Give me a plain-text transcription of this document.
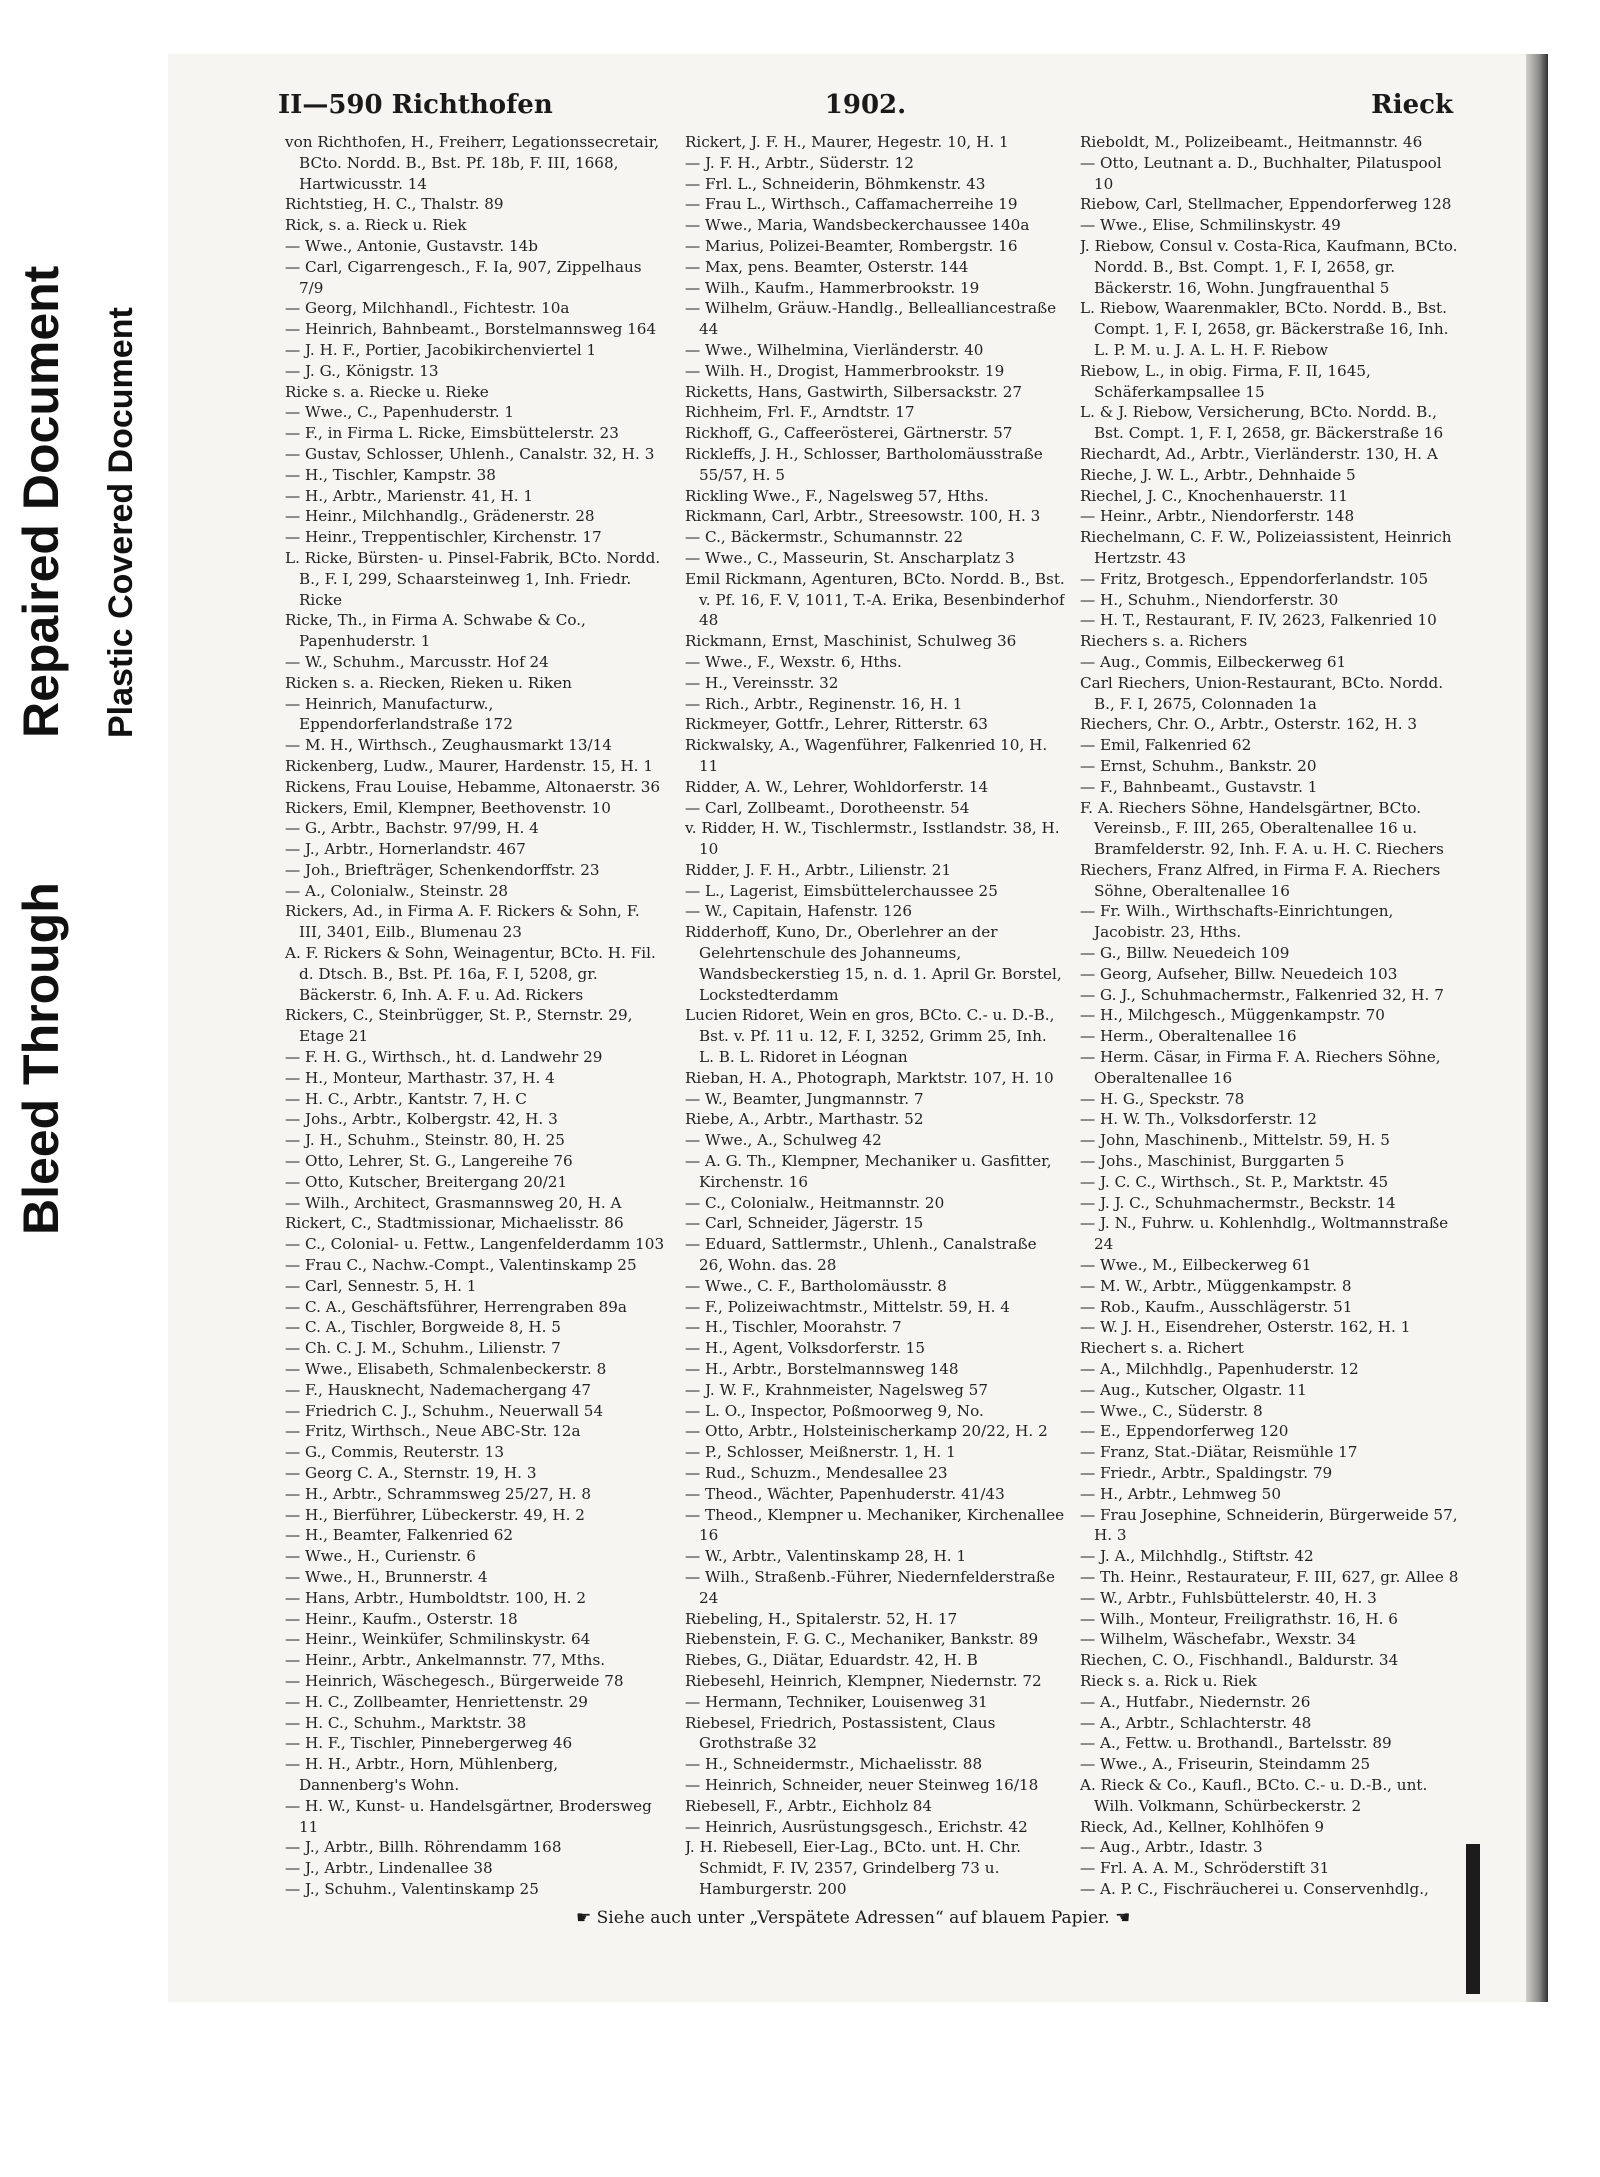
Bleed Through
Repaired Document Plastic Covered Document
II—590 Richthofen	1902.	Rieck

von Richthofen, H., Freiherr, Legationssecretair, BCto. Nordd. B., Bst. Pf. 18b, F. III, 1668, Hartwicusstr. 14

Richtstieg, H. C., Thalstr. 89

Rick, s. a. Rieck u. Riek

— Wwe., Antonie, Gustavstr. 14b

— Carl, Cigarrengesch., F. Ia, 907, Zippelhaus 7/9

— Georg, Milchhandl., Fichtestr. 10a

— Heinrich, Bahnbeamt., Borstelmannsweg 164

— J. H. F., Portier, Jacobikirchenviertel 1

— J. G., Königstr. 13

Ricke s. a. Riecke u. Rieke

— Wwe., C., Papenhuderstr. 1

— F., in Firma L. Ricke, Eimsbüttelerstr. 23

— Gustav, Schlosser, Uhlenh., Canalstr. 32, H. 3

— H., Tischler, Kampstr. 38

— H., Arbtr., Marienstr. 41, H. 1

— Heinr., Milchhandlg., Grädenerstr. 28

— Heinr., Treppentischler, Kirchenstr. 17

L. Ricke, Bürsten- u. Pinsel-Fabrik, BCto. Nordd. B., F. I, 299, Schaarsteinweg 1, Inh. Friedr. Ricke

Ricke, Th., in Firma A. Schwabe & Co., Papenhuderstr. 1

— W., Schuhm., Marcusstr. Hof 24

Ricken s. a. Riecken, Rieken u. Riken

— Heinrich, Manufacturw., Eppendorferlandstraße 172

— M. H., Wirthsch., Zeughausmarkt 13/14

Rickenberg, Ludw., Maurer, Hardenstr. 15, H. 1

Rickens, Frau Louise, Hebamme, Altonaerstr. 36

Rickers, Emil, Klempner, Beethovenstr. 10

— G., Arbtr., Bachstr. 97/99, H. 4

— J., Arbtr., Hornerlandstr. 467

— Joh., Briefträger, Schenkendorffstr. 23

— A., Colonialw., Steinstr. 28

Rickers, Ad., in Firma A. F. Rickers & Sohn, F. III, 3401, Eilb., Blumenau 23

A. F. Rickers & Sohn, Weinagentur, BCto. H. Fil. d. Dtsch. B., Bst. Pf. 16a, F. I, 5208, gr. Bäckerstr. 6, Inh. A. F. u. Ad. Rickers

Rickers, C., Steinbrügger, St. P., Sternstr. 29, Etage 21

— F. H. G., Wirthsch., ht. d. Landwehr 29

— H., Monteur, Marthastr. 37, H. 4

— H. C., Arbtr., Kantstr. 7, H. C

— Johs., Arbtr., Kolbergstr. 42, H. 3

— J. H., Schuhm., Steinstr. 80, H. 25

— Otto, Lehrer, St. G., Langereihe 76

— Otto, Kutscher, Breitergang 20/21

— Wilh., Architect, Grasmannsweg 20, H. A

Rickert, C., Stadtmissionar, Michaelisstr. 86

— C., Colonial- u. Fettw., Langenfelderdamm 103

— Frau C., Nachw.-Compt., Valentinskamp 25

— Carl, Sennestr. 5, H. 1

— C. A., Geschäftsführer, Herrengraben 89a

— C. A., Tischler, Borgweide 8, H. 5

— Ch. C. J. M., Schuhm., Lilienstr. 7

— Wwe., Elisabeth, Schmalenbeckerstr. 8

— F., Hausknecht, Nademachergang 47

— Friedrich C. J., Schuhm., Neuerwall 54

— Fritz, Wirthsch., Neue ABC-Str. 12a

— G., Commis, Reuterstr. 13

— Georg C. A., Sternstr. 19, H. 3

— H., Arbtr., Schrammsweg 25/27, H. 8

— H., Bierführer, Lübeckerstr. 49, H. 2

— H., Beamter, Falkenried 62

— Wwe., H., Curienstr. 6

— Wwe., H., Brunnerstr. 4

— Hans, Arbtr., Humboldtstr. 100, H. 2

— Heinr., Kaufm., Osterstr. 18

— Heinr., Weinküfer, Schmilinskystr. 64

— Heinr., Arbtr., Ankelmannstr. 77, Mths.

— Heinrich, Wäschegesch., Bürgerweide 78

— H. C., Zollbeamter, Henriettenstr. 29

— H. C., Schuhm., Marktstr. 38

— H. F., Tischler, Pinnebergerweg 46

— H. H., Arbtr., Horn, Mühlenberg, Dannenberg's Wohn.

— H. W., Kunst- u. Handelsgärtner, Brodersweg 11

— J., Arbtr., Billh. Röhrendamm 168

— J., Arbtr., Lindenallee 38

— J., Schuhm., Valentinskamp 25

Rickert, J. F. H., Maurer, Hegestr. 10, H. 1

— J. F. H., Arbtr., Süderstr. 12

— Frl. L., Schneiderin, Böhmkenstr. 43

— Frau L., Wirthsch., Caffamacherreihe 19

— Wwe., Maria, Wandsbeckerchaussee 140a

— Marius, Polizei-Beamter, Rombergstr. 16

— Max, pens. Beamter, Osterstr. 144

— Wilh., Kaufm., Hammerbrookstr. 19

— Wilhelm, Gräuw.-Handlg., Bellealliancestraße 44

— Wwe., Wilhelmina, Vierländerstr. 40

— Wilh. H., Drogist, Hammerbrookstr. 19

Ricketts, Hans, Gastwirth, Silbersackstr. 27

Richheim, Frl. F., Arndtstr. 17

Rickhoff, G., Caffeerösterei, Gärtnerstr. 57

Rickleffs, J. H., Schlosser, Bartholomäusstraße 55/57, H. 5

Rickling Wwe., F., Nagelsweg 57, Hths.

Rickmann, Carl, Arbtr., Streesowstr. 100, H. 3

— C., Bäckermstr., Schumannstr. 22

— Wwe., C., Masseurin, St. Anscharplatz 3

Emil Rickmann, Agenturen, BCto. Nordd. B., Bst. v. Pf. 16, F. V, 1011, T.-A. Erika, Besenbinderhof 48

Rickmann, Ernst, Maschinist, Schulweg 36

— Wwe., F., Wexstr. 6, Hths.

— H., Vereinsstr. 32

— Rich., Arbtr., Reginenstr. 16, H. 1

Rickmeyer, Gottfr., Lehrer, Ritterstr. 63

Rickwalsky, A., Wagenführer, Falkenried 10, H. 11

Ridder, A. W., Lehrer, Wohldorferstr. 14

— Carl, Zollbeamt., Dorotheenstr. 54

v. Ridder, H. W., Tischlermstr., Isstlandstr. 38, H. 10

Ridder, J. F. H., Arbtr., Lilienstr. 21

— L., Lagerist, Eimsbüttelerchaussee 25

— W., Capitain, Hafenstr. 126

Ridderhoff, Kuno, Dr., Oberlehrer an der Gelehrtenschule des Johanneums, Wandsbeckerstieg 15, n. d. 1. April Gr. Borstel, Lockstedterdamm

Lucien Ridoret, Wein en gros, BCto. C.- u. D.-B., Bst. v. Pf. 11 u. 12, F. I, 3252, Grimm 25, Inh. L. B. L. Ridoret in Léognan

Rieban, H. A., Photograph, Marktstr. 107, H. 10

— W., Beamter, Jungmannstr. 7

Riebe, A., Arbtr., Marthastr. 52

— Wwe., A., Schulweg 42

— A. G. Th., Klempner, Mechaniker u. Gasfitter, Kirchenstr. 16

— C., Colonialw., Heitmannstr. 20

— Carl, Schneider, Jägerstr. 15

— Eduard, Sattlermstr., Uhlenh., Canalstraße 26, Wohn. das. 28

— Wwe., C. F., Bartholomäusstr. 8

— F., Polizeiwachtmstr., Mittelstr. 59, H. 4

— H., Tischler, Moorahstr. 7

— H., Agent, Volksdorferstr. 15

— H., Arbtr., Borstelmannsweg 148

— J. W. F., Krahnmeister, Nagelsweg 57

— L. O., Inspector, Poßmoorweg 9, No.

— Otto, Arbtr., Holsteinischerkamp 20/22, H. 2

— P., Schlosser, Meißnerstr. 1, H. 1

— Rud., Schuzm., Mendesallee 23

— Theod., Wächter, Papenhuderstr. 41/43

— Theod., Klempner u. Mechaniker, Kirchenallee 16

— W., Arbtr., Valentinskamp 28, H. 1

— Wilh., Straßenb.-Führer, Niedernfelderstraße 24

Riebeling, H., Spitalerstr. 52, H. 17

Riebenstein, F. G. C., Mechaniker, Bankstr. 89

Riebes, G., Diätar, Eduardstr. 42, H. B

Riebesehl, Heinrich, Klempner, Niedernstr. 72

— Hermann, Techniker, Louisenweg 31

Riebesel, Friedrich, Postassistent, Claus Grothstraße 32

— H., Schneidermstr., Michaelisstr. 88

— Heinrich, Schneider, neuer Steinweg 16/18

Riebesell, F., Arbtr., Eichholz 84

— Heinrich, Ausrüstungsgesch., Erichstr. 42

J. H. Riebesell, Eier-Lag., BCto. unt. H. Chr. Schmidt, F. IV, 2357, Grindelberg 73 u. Hamburgerstr. 200

Rieboldt, M., Polizeibeamt., Heitmannstr. 46

— Otto, Leutnant a. D., Buchhalter, Pilatuspool 10

Riebow, Carl, Stellmacher, Eppendorferweg 128

— Wwe., Elise, Schmilinskystr. 49

J. Riebow, Consul v. Costa-Rica, Kaufmann, BCto. Nordd. B., Bst. Compt. 1, F. I, 2658, gr. Bäckerstr. 16, Wohn. Jungfrauenthal 5

L. Riebow, Waarenmakler, BCto. Nordd. B., Bst. Compt. 1, F. I, 2658, gr. Bäckerstraße 16, Inh. L. P. M. u. J. A. L. H. F. Riebow

Riebow, L., in obig. Firma, F. II, 1645, Schäferkampsallee 15

L. & J. Riebow, Versicherung, BCto. Nordd. B., Bst. Compt. 1, F. I, 2658, gr. Bäckerstraße 16

Riechardt, Ad., Arbtr., Vierländerstr. 130, H. A

Rieche, J. W. L., Arbtr., Dehnhaide 5

Riechel, J. C., Knochenhauerstr. 11

— Heinr., Arbtr., Niendorferstr. 148

Riechelmann, C. F. W., Polizeiassistent, Heinrich Hertzstr. 43

— Fritz, Brotgesch., Eppendorferlandstr. 105

— H., Schuhm., Niendorferstr. 30

— H. T., Restaurant, F. IV, 2623, Falkenried 10

Riechers s. a. Richers

— Aug., Commis, Eilbeckerweg 61

Carl Riechers, Union-Restaurant, BCto. Nordd. B., F. I, 2675, Colonnaden 1a

Riechers, Chr. O., Arbtr., Osterstr. 162, H. 3

— Emil, Falkenried 62

— Ernst, Schuhm., Bankstr. 20

— F., Bahnbeamt., Gustavstr. 1

F. A. Riechers Söhne, Handelsgärtner, BCto. Vereinsb., F. III, 265, Oberaltenallee 16 u. Bramfelderstr. 92, Inh. F. A. u. H. C. Riechers

Riechers, Franz Alfred, in Firma F. A. Riechers Söhne, Oberaltenallee 16

— Fr. Wilh., Wirthschafts-Einrichtungen, Jacobistr. 23, Hths.

— G., Billw. Neuedeich 109

— Georg, Aufseher, Billw. Neuedeich 103

— G. J., Schuhmachermstr., Falkenried 32, H. 7

— H., Milchgesch., Müggenkampstr. 70

— Herm., Oberaltenallee 16

— Herm. Cäsar, in Firma F. A. Riechers Söhne, Oberaltenallee 16

— H. G., Speckstr. 78

— H. W. Th., Volksdorferstr. 12

— John, Maschinenb., Mittelstr. 59, H. 5

— Johs., Maschinist, Burggarten 5

— J. C. C., Wirthsch., St. P., Marktstr. 45

— J. J. C., Schuhmachermstr., Beckstr. 14

— J. N., Fuhrw. u. Kohlenhdlg., Woltmannstraße 24

— Wwe., M., Eilbeckerweg 61

— M. W., Arbtr., Müggenkampstr. 8

— Rob., Kaufm., Ausschlägerstr. 51

— W. J. H., Eisendreher, Osterstr. 162, H. 1

Riechert s. a. Richert

— A., Milchhdlg., Papenhuderstr. 12

— Aug., Kutscher, Olgastr. 11

— Wwe., C., Süderstr. 8

— E., Eppendorferweg 120

— Franz, Stat.-Diätar, Reismühle 17

— Friedr., Arbtr., Spaldingstr. 79

— H., Arbtr., Lehmweg 50

— Frau Josephine, Schneiderin, Bürgerweide 57, H. 3

— J. A., Milchhdlg., Stiftstr. 42

— Th. Heinr., Restaurateur, F. III, 627, gr. Allee 8

— W., Arbtr., Fuhlsbüttelerstr. 40, H. 3

— Wilh., Monteur, Freiligrathstr. 16, H. 6

— Wilhelm, Wäschefabr., Wexstr. 34

Riechen, C. O., Fischhandl., Baldurstr. 34

Rieck s. a. Rick u. Riek

— A., Hutfabr., Niedernstr. 26

— A., Arbtr., Schlachterstr. 48

— A., Fettw. u. Brothandl., Bartelsstr. 89

— Wwe., A., Friseurin, Steindamm 25

A. Rieck & Co., Kaufl., BCto. C.- u. D.-B., unt. Wilh. Volkmann, Schürbeckerstr. 2

Rieck, Ad., Kellner, Kohlhöfen 9

— Aug., Arbtr., Idastr. 3

— Frl. A. A. M., Schröderstift 31

— A. P. C., Fischräucherei u. Conservenhdlg.,

☛ Siehe auch unter „Verspätete Adressen“ auf blauem Papier. ☚
